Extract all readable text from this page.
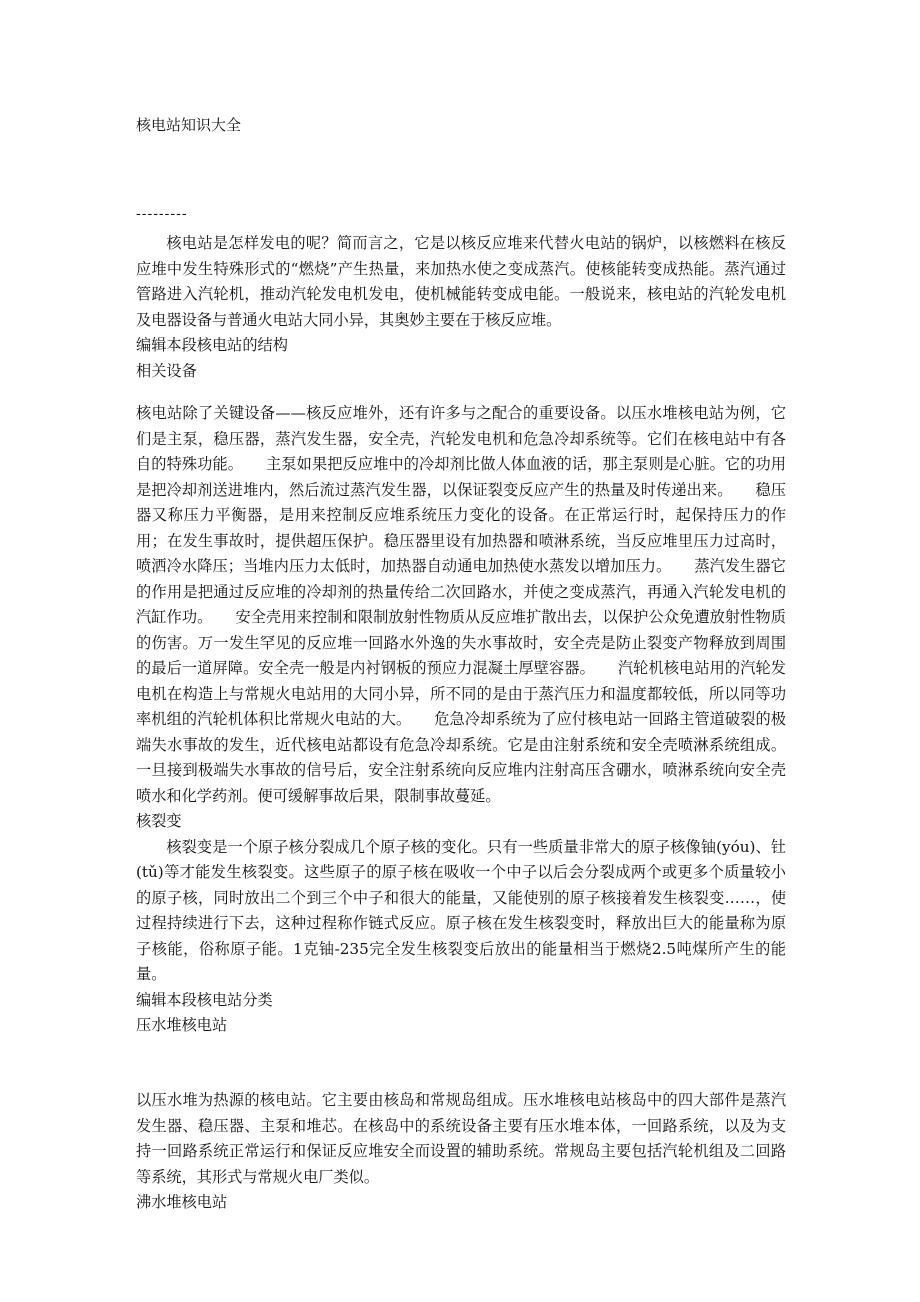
核电站知识大全
---------

核电站是怎样发电的呢？简而言之，它是以核反应堆来代替火电站的锅炉，以核燃料在核反应堆中发生特殊形式的“燃烧”产生热量，来加热水使之变成蒸汽。使核能转变成热能。蒸汽通过管路进入汽轮机，推动汽轮发电机发电，使机械能转变成电能。一般说来，核电站的汽轮发电机及电器设备与普通火电站大同小异，其奥妙主要在于核反应堆。

编辑本段核电站的结构

相关设备

核电站除了关键设备——核反应堆外，还有许多与之配合的重要设备。以压水堆核电站为例，它们是主泵，稳压器，蒸汽发生器，安全壳，汽轮发电机和危急冷却系统等。它们在核电站中有各自的特殊功能。　　主泵如果把反应堆中的冷却剂比做人体血液的话，那主泵则是心脏。它的功用是把冷却剂送进堆内，然后流过蒸汽发生器，以保证裂变反应产生的热量及时传递出来。　　稳压器又称压力平衡器，是用来控制反应堆系统压力变化的设备。在正常运行时，起保持压力的作用；在发生事故时，提供超压保护。稳压器里设有加热器和喷淋系统，当反应堆里压力过高时，喷洒冷水降压；当堆内压力太低时，加热器自动通电加热使水蒸发以增加压力。　　蒸汽发生器它的作用是把通过反应堆的冷却剂的热量传给二次回路水，并使之变成蒸汽，再通入汽轮发电机的汽缸作功。　　安全壳用来控制和限制放射性物质从反应堆扩散出去，以保护公众免遭放射性物质的伤害。万一发生罕见的反应堆一回路水外逸的失水事故时，安全壳是防止裂变产物释放到周围的最后一道屏障。安全壳一般是内衬钢板的预应力混凝土厚壁容器。　　汽轮机核电站用的汽轮发电机在构造上与常规火电站用的大同小异，所不同的是由于蒸汽压力和温度都较低，所以同等功率机组的汽轮机体积比常规火电站的大。　　危急冷却系统为了应付核电站一回路主管道破裂的极端失水事故的发生，近代核电站都设有危急冷却系统。它是由注射系统和安全壳喷淋系统组成。一旦接到极端失水事故的信号后，安全注射系统向反应堆内注射高压含硼水，喷淋系统向安全壳喷水和化学药剂。便可缓解事故后果，限制事故蔓延。

核裂变

核裂变是一个原子核分裂成几个原子核的变化。只有一些质量非常大的原子核像铀(yóu)、钍(tǔ)等才能发生核裂变。这些原子的原子核在吸收一个中子以后会分裂成两个或更多个质量较小的原子核，同时放出二个到三个中子和很大的能量，又能使别的原子核接着发生核裂变……，使过程持续进行下去，这种过程称作链式反应。原子核在发生核裂变时，释放出巨大的能量称为原子核能，俗称原子能。1克铀-235完全发生核裂变后放出的能量相当于燃烧2.5吨煤所产生的能量。

编辑本段核电站分类

压水堆核电站

以压水堆为热源的核电站。它主要由核岛和常规岛组成。压水堆核电站核岛中的四大部件是蒸汽发生器、稳压器、主泵和堆芯。在核岛中的系统设备主要有压水堆本体，一回路系统，以及为支持一回路系统正常运行和保证反应堆安全而设置的辅助系统。常规岛主要包括汽轮机组及二回路等系统，其形式与常规火电厂类似。

沸水堆核电站
